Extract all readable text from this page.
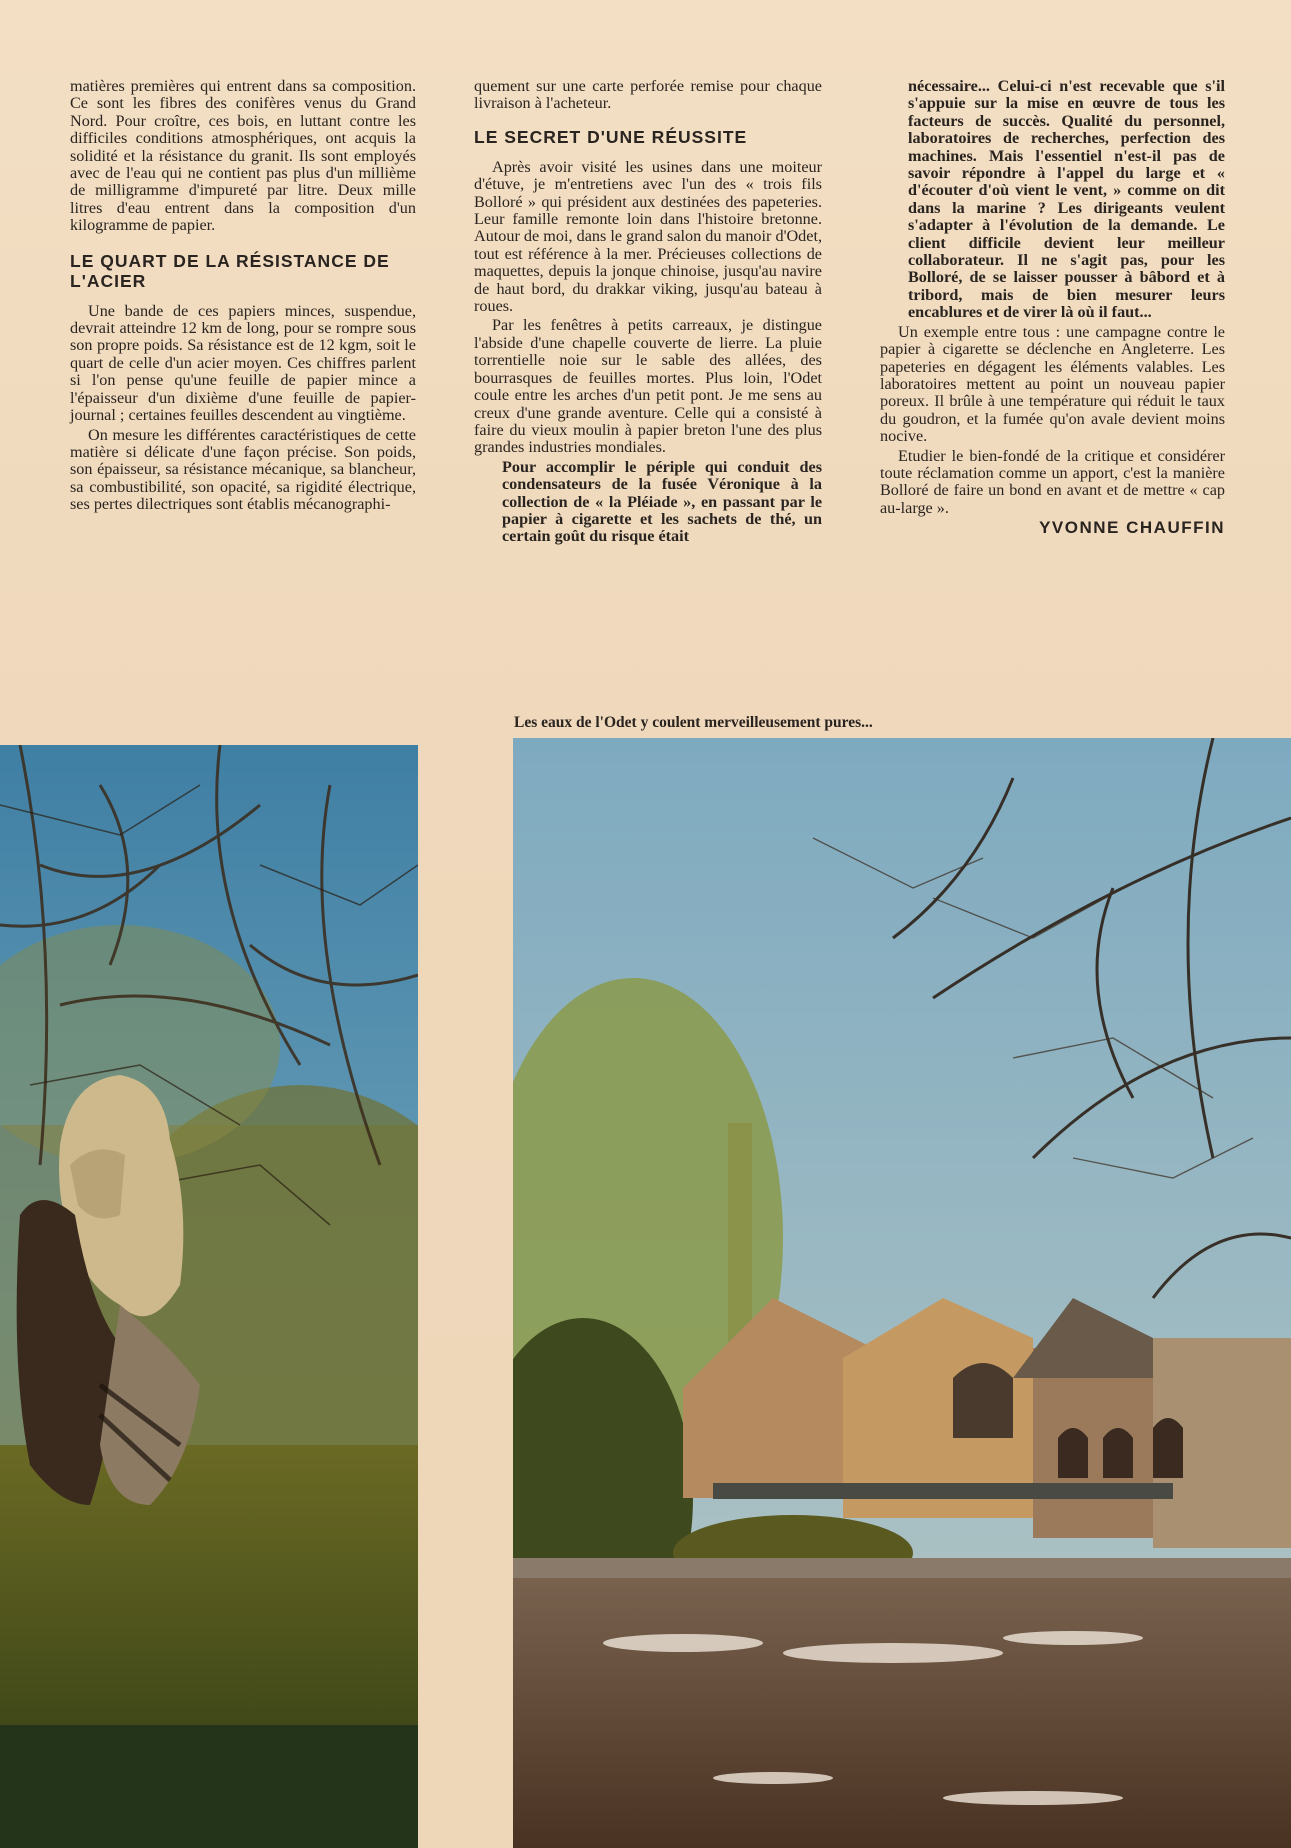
matières premières qui entrent dans sa composition. Ce sont les fibres des conifères venus du Grand Nord. Pour croître, ces bois, en luttant contre les difficiles conditions atmosphériques, ont acquis la solidité et la résistance du granit. Ils sont employés avec de l'eau qui ne contient pas plus d'un millième de milligramme d'impureté par litre. Deux mille litres d'eau entrent dans la composition d'un kilogramme de papier.

LE QUART DE LA RÉSISTANCE DE L'ACIER

Une bande de ces papiers minces, suspendue, devrait atteindre 12 km de long, pour se rompre sous son propre poids. Sa résistance est de 12 kgm, soit le quart de celle d'un acier moyen. Ces chiffres parlent si l'on pense qu'une feuille de papier mince a l'épaisseur d'un dixième d'une feuille de papier-journal ; certaines feuilles descendent au vingtième.

On mesure les différentes caractéristiques de cette matière si délicate d'une façon précise. Son poids, son épaisseur, sa résistance mécanique, sa blancheur, sa combustibilité, son opacité, sa rigidité électrique, ses pertes dilectriques sont établis mécanographi-

quement sur une carte perforée remise pour chaque livraison à l'acheteur.

LE SECRET D'UNE RÉUSSITE

Après avoir visité les usines dans une moiteur d'étuve, je m'entretiens avec l'un des « trois fils Bolloré » qui président aux destinées des papeteries. Leur famille remonte loin dans l'histoire bretonne. Autour de moi, dans le grand salon du manoir d'Odet, tout est référence à la mer. Précieuses collections de maquettes, depuis la jonque chinoise, jusqu'au navire de haut bord, du drakkar viking, jusqu'au bateau à roues.

Par les fenêtres à petits carreaux, je distingue l'abside d'une chapelle couverte de lierre. La pluie torrentielle noie sur le sable des allées, des bourrasques de feuilles mortes. Plus loin, l'Odet coule entre les arches d'un petit pont. Je me sens au creux d'une grande aventure. Celle qui a consisté à faire du vieux moulin à papier breton l'une des plus grandes industries mondiales.

Pour accomplir le périple qui conduit des condensateurs de la fusée Véronique à la collection de « la Pléiade », en passant par le papier à cigarette et les sachets de thé, un certain goût du risque était

nécessaire... Celui-ci n'est recevable que s'il s'appuie sur la mise en œuvre de tous les facteurs de succès. Qualité du personnel, laboratoires de recherches, perfection des machines. Mais l'essentiel n'est-il pas de savoir répondre à l'appel du large et « d'écouter d'où vient le vent, » comme on dit dans la marine ? Les dirigeants veulent s'adapter à l'évolution de la demande. Le client difficile devient leur meilleur collaborateur. Il ne s'agit pas, pour les Bolloré, de se laisser pousser à bâbord et à tribord, mais de bien mesurer leurs encablures et de virer là où il faut...

Un exemple entre tous : une campagne contre le papier à cigarette se déclenche en Angleterre. Les papeteries en dégagent les éléments valables. Les laboratoires mettent au point un nouveau papier poreux. Il brûle à une température qui réduit le taux du goudron, et la fumée qu'on avale devient moins nocive.

Etudier le bien-fondé de la critique et considérer toute réclamation comme un apport, c'est la manière Bolloré de faire un bond en avant et de mettre « cap au-large ».

YVONNE CHAUFFIN
Les eaux de l'Odet y coulent merveilleusement pures...
